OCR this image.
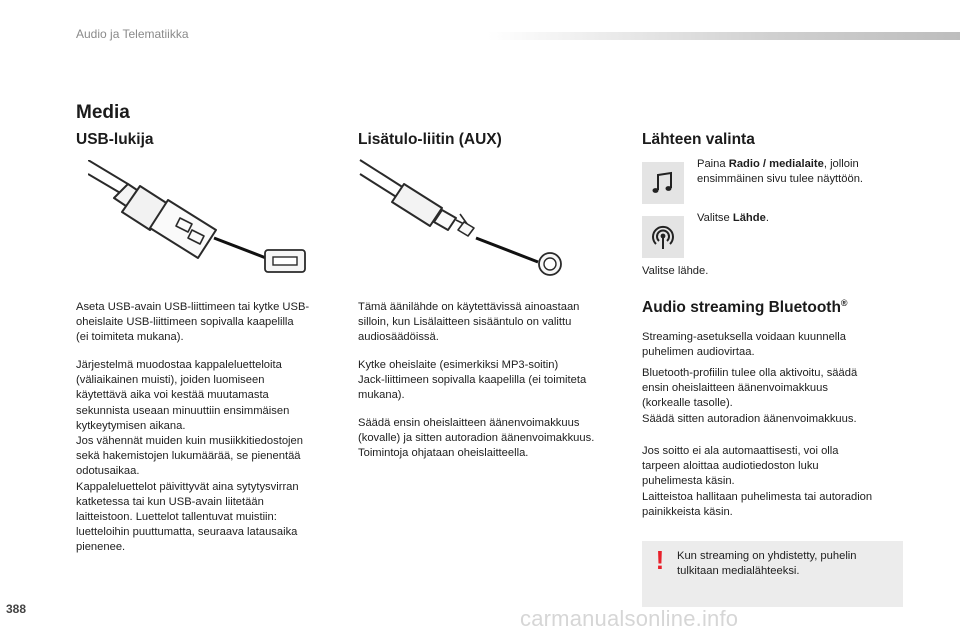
Audio ja Telematiikka
Media
USB-lukija	Lisätulo-liitin (AUX)	Lähteen valinta
Aseta USB-avain USB-liittimeen tai kytke USB-
oheislaite USB-liittimeen sopivalla kaapelilla
(ei toimiteta mukana).
Järjestelmä muodostaa kappaleluetteloita
(väliaikainen muisti), joiden luomiseen
käytettävä aika voi kestää muutamasta
sekunnista useaan minuuttiin ensimmäisen
kytkeytymisen aikana.
Jos vähennät muiden kuin musiikkitiedostojen
sekä hakemistojen lukumäärää, se pienentää
odotusaikaa.
Kappaleluettelot päivittyvät aina sytytysvirran
katketessa tai kun USB-avain liitetään
laitteistoon. Luettelot tallentuvat muistiin:
luetteloihin puuttumatta, seuraava latausaika
pienenee.
Tämä äänilähde on käytettävissä ainoastaan
silloin, kun Lisälaitteen sisääntulo on valittu
audiosäädöissä.
Kytke oheislaite (esimerkiksi MP3-soitin)
Jack-liittimeen sopivalla kaapelilla (ei toimiteta
mukana).
Säädä ensin oheislaitteen äänenvoimakkuus
(kovalle) ja sitten autoradion äänenvoimakkuus.
Toimintoja ohjataan oheislaitteella.
Paina Radio / medialaite, jolloin
ensimmäinen sivu tulee näyttöön.
Valitse Lähde.
Valitse lähde.
Audio streaming Bluetooth®
Streaming-asetuksella voidaan kuunnella
puhelimen audiovirtaa.
Bluetooth-profiilin tulee olla aktivoitu, säädä
ensin oheislaitteen äänenvoimakkuus
(korkealle tasolle).
Säädä sitten autoradion äänenvoimakkuus.
Jos soitto ei ala automaattisesti, voi olla
tarpeen aloittaa audiotiedoston luku
puhelimesta käsin.
Laitteistoa hallitaan puhelimesta tai autoradion
painikkeista käsin.
! Kun streaming on yhdistetty, puhelin
tulkitaan medialähteeksi.
388	carmanualsonline.info
